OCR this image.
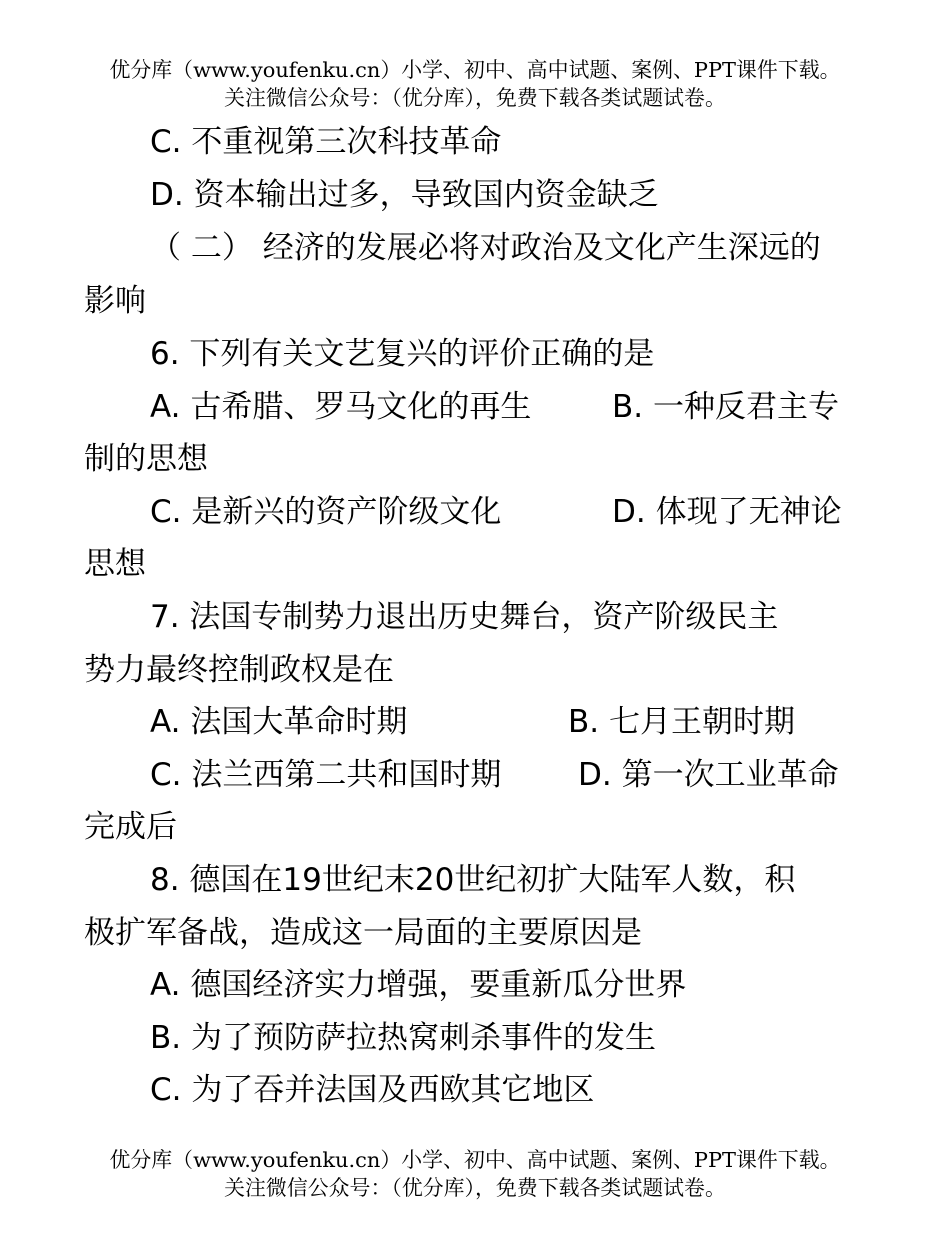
优分库（www.youfenku.cn）小学、初中、高中试题、案例、PPT课件下载。
关注微信公众号：（优分库），免费下载各类试题试卷。
C. 不重视第三次科技革命
D. 资本输出过多，导致国内资金缺乏
（ 二） 经济的发展必将对政治及文化产生深远的
影响
6. 下列有关文艺复兴的评价正确的是
A. 古希腊、罗马文化的再生	B. 一种反君主专
制的思想
C. 是新兴的资产阶级文化	D. 体现了无神论
思想
7. 法国专制势力退出历史舞台，资产阶级民主
势力最终控制政权是在
A. 法国大革命时期	B. 七月王朝时期
C. 法兰西第二共和国时期 D. 第一次工业革命
完成后
8. 德国在19世纪末20世纪初扩大陆军人数，积
极扩军备战，造成这一局面的主要原因是
A. 德国经济实力增强，要重新瓜分世界
B. 为了预防萨拉热窝刺杀事件的发生
C. 为了吞并法国及西欧其它地区
优分库（www.youfenku.cn）小学、初中、高中试题、案例、PPT课件下载。
关注微信公众号：（优分库），免费下载各类试题试卷。
